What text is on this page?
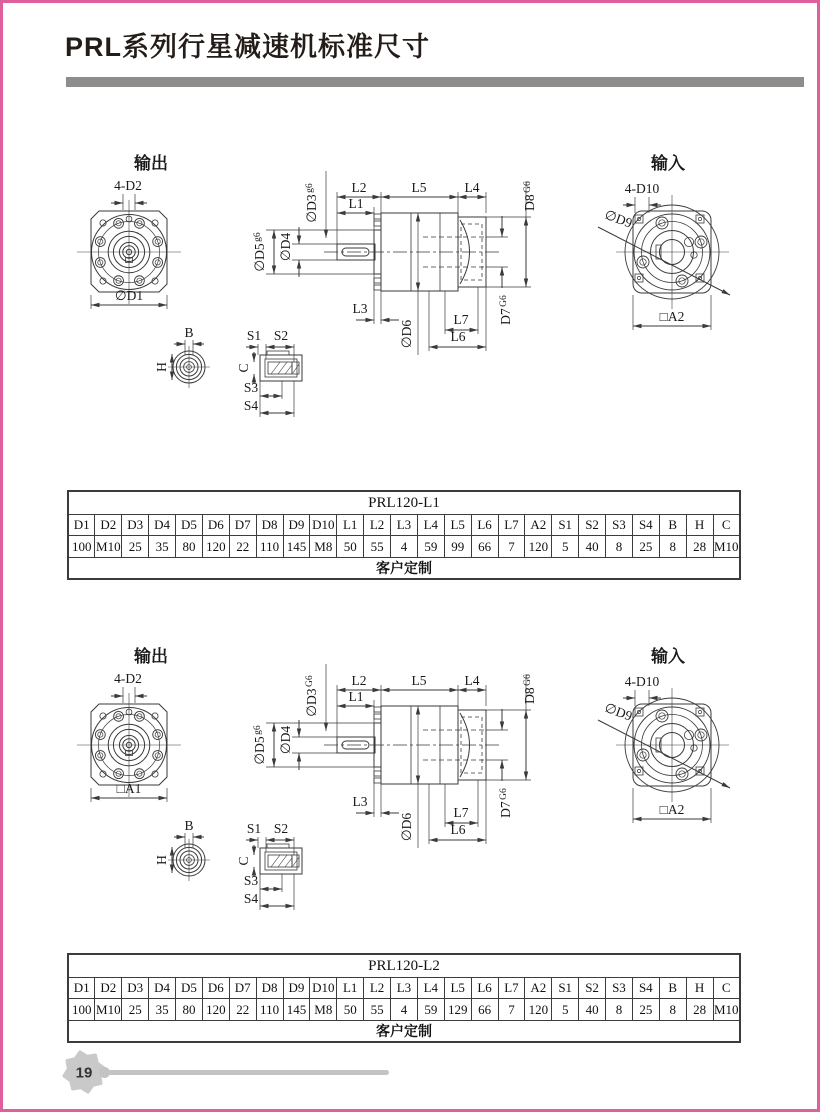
PRL系列行星减速机标准尺寸
输出	输入
4-D2
∅D1
L2	L5	L4
L1
$\emptyset D3^{g6}$
$\emptyset D5^{g6}$ ∅D4
L3
∅D6
L7
L6
$D7^{G6}$
$D8^{G6}$	4-D10
∅D9
□A2
B
H
S1 S2
C
S3
S4
PRL120-L1																								
D1	D2	D3	D4	D5	D6	D7	D8	D9	D10	L1	L2	L3	L4	L5	L6	L7	A2	S1	S2	S3	S4	B	H	C
100	M10	25	35	80	120	22	110	145	M8	50	55	4	59	99	66	7	120	5	40	8	25	8	28	M10
客户定制																								
输出	输入
4-D2
□A1
L2	L5	L4
L1
$\emptyset D3^{G6}$
$\emptyset D5^{g6}$ ∅D4
L3
∅D6
L7
L6
$D7^{G6}$
$D8^{G6}$	4-D10
∅D9
□A2
B
H
S1 S2
C
S3
S4
PRL120-L2																								
D1	D2	D3	D4	D5	D6	D7	D8	D9	D10	L1	L2	L3	L4	L5	L6	L7	A2	S1	S2	S3	S4	B	H	C
100	M10	25	35	80	120	22	110	145	M8	50	55	4	59	129	66	7	120	5	40	8	25	8	28	M10
客户定制																								
19
